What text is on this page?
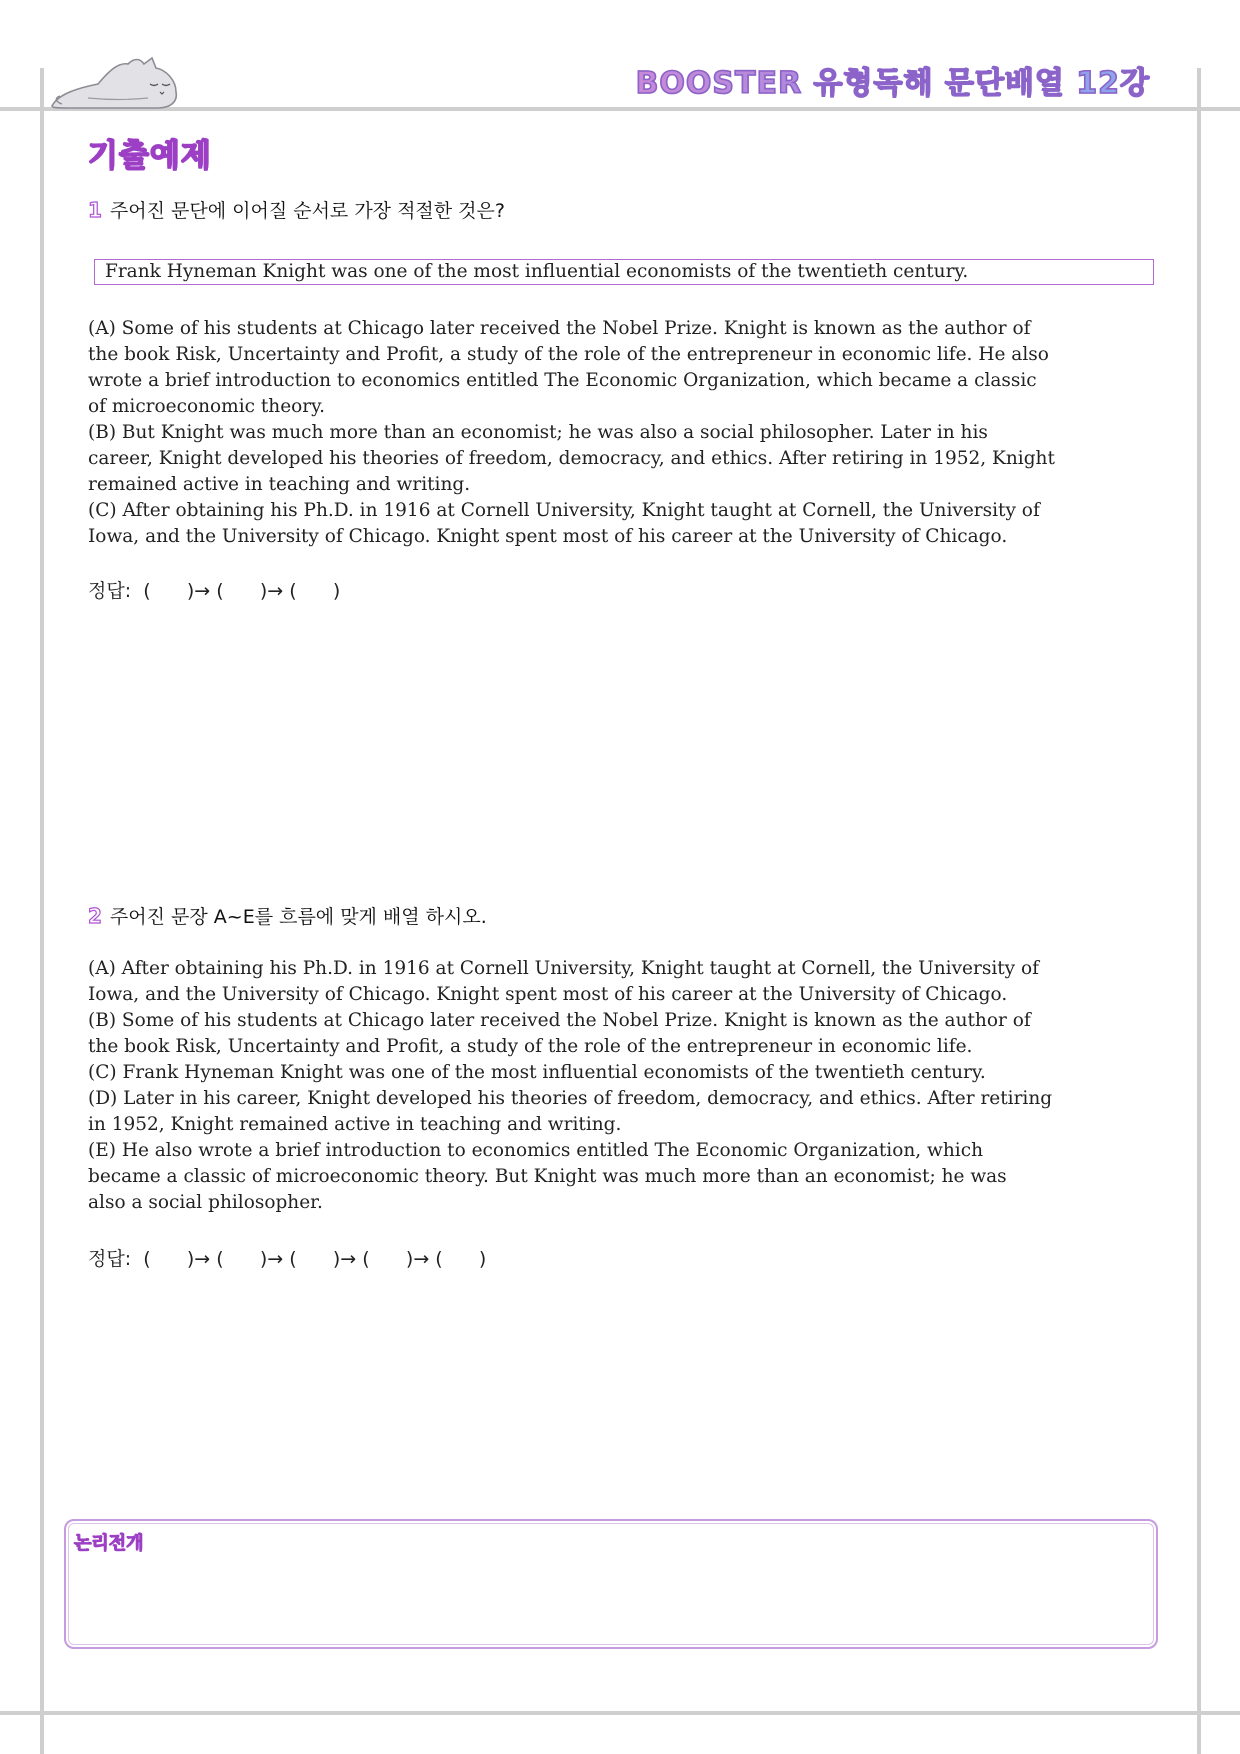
BOOSTER 유형독해 문단배열 12강
기출예제
1 주어진 문단에 이어질 순서로 가장 적절한 것은?
Frank Hyneman Knight was one of the most influential economists of the twentieth century.

(A) Some of his students at Chicago later received the Nobel Prize. Knight is known as the author of

the book Risk, Uncertainty and Profit, a study of the role of the entrepreneur in economic life. He also

wrote a brief introduction to economics entitled The Economic Organization, which became a classic

of microeconomic theory.

(B) But Knight was much more than an economist; he was also a social philosopher. Later in his

career, Knight developed his theories of freedom, democracy, and ethics. After retiring in 1952, Knight

remained active in teaching and writing.

(C) After obtaining his Ph.D. in 1916 at Cornell University, Knight taught at Cornell, the University of

Iowa, and the University of Chicago. Knight spent most of his career at the University of Chicago.

정답:  (      )→ (      )→ (      )
2 주어진 문장 A~E를 흐름에 맞게 배열 하시오.

(A) After obtaining his Ph.D. in 1916 at Cornell University, Knight taught at Cornell, the University of

Iowa, and the University of Chicago. Knight spent most of his career at the University of Chicago.

(B) Some of his students at Chicago later received the Nobel Prize. Knight is known as the author of

the book Risk, Uncertainty and Profit, a study of the role of the entrepreneur in economic life.

(C) Frank Hyneman Knight was one of the most influential economists of the twentieth century.

(D) Later in his career, Knight developed his theories of freedom, democracy, and ethics. After retiring

in 1952, Knight remained active in teaching and writing.

(E) He also wrote a brief introduction to economics entitled The Economic Organization, which

became a classic of microeconomic theory. But Knight was much more than an economist; he was

also a social philosopher.

정답:  (      )→ (      )→ (      )→ (      )→ (      )
논리전개
